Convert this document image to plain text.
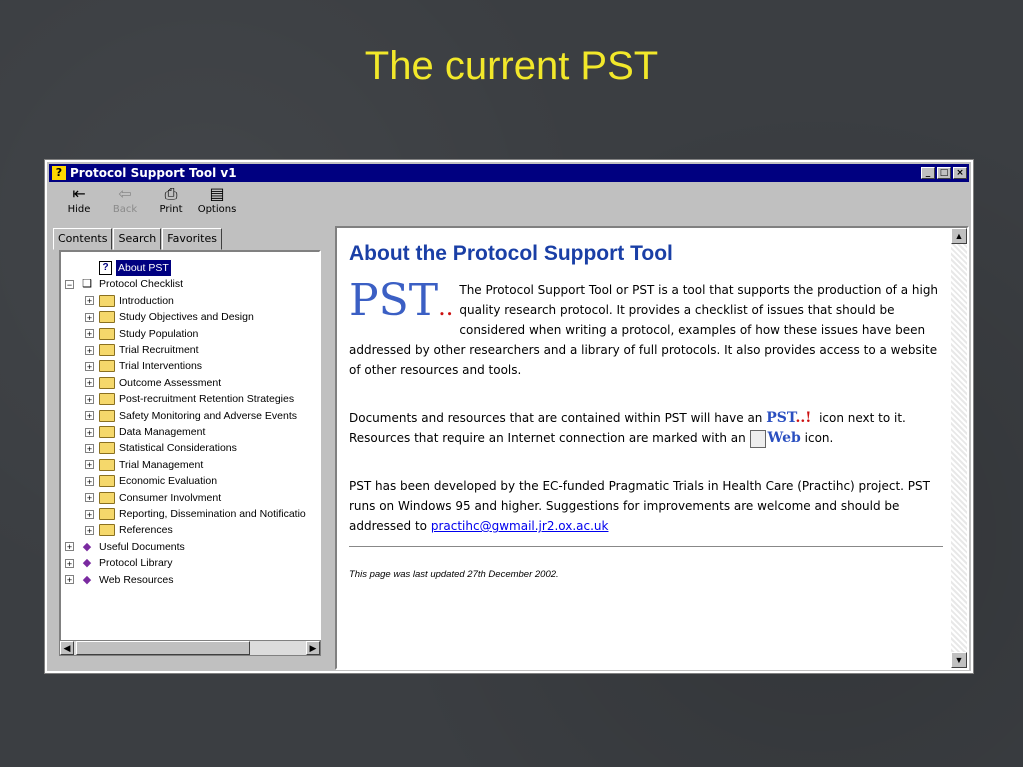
The current PST
? Protocol Support Tool v1	_	□ ×
⇤
Hide
⇦
Back
⎙
Print
▤
Options
Contents	Search	Favorites
? About PST
− ❑ Protocol Checklist
+	Introduction
+	Study Objectives and Design
+	Study Population
+	Trial Recruitment
+	Trial Interventions
+	Outcome Assessment
+	Post-recruitment Retention Strategies
+	Safety Monitoring and Adverse Events
+	Data Management
+	Statistical Considerations
+	Trial Management
+	Economic Evaluation
+	Consumer Involvment
+	Reporting, Dissemination and Notificatio
+	References
+ ◆ Useful Documents
+ ◆ Protocol Library
+ ◆ Web Resources
◀	▶
About the Protocol Support Tool
PST..

The Protocol Support Tool or PST is a tool that supports the production of a high quality research protocol. It provides a checklist of issues that should be considered when writing a protocol, examples of how these issues have been addressed by other researchers and a library of full protocols. It also provides access to a website of other resources and tools.

Documents and resources that are contained within PST will have an PST..! icon next to it.
Resources that require an Internet connection are marked with an Web icon.

PST has been developed by the EC-funded Pragmatic Trials in Health Care (Practihc) project. PST runs on Windows 95 and higher. Suggestions for improvements are welcome and should be addressed to practihc@gwmail.jr2.ox.ac.uk

This page was last updated 27th December 2002.
▲
▼
